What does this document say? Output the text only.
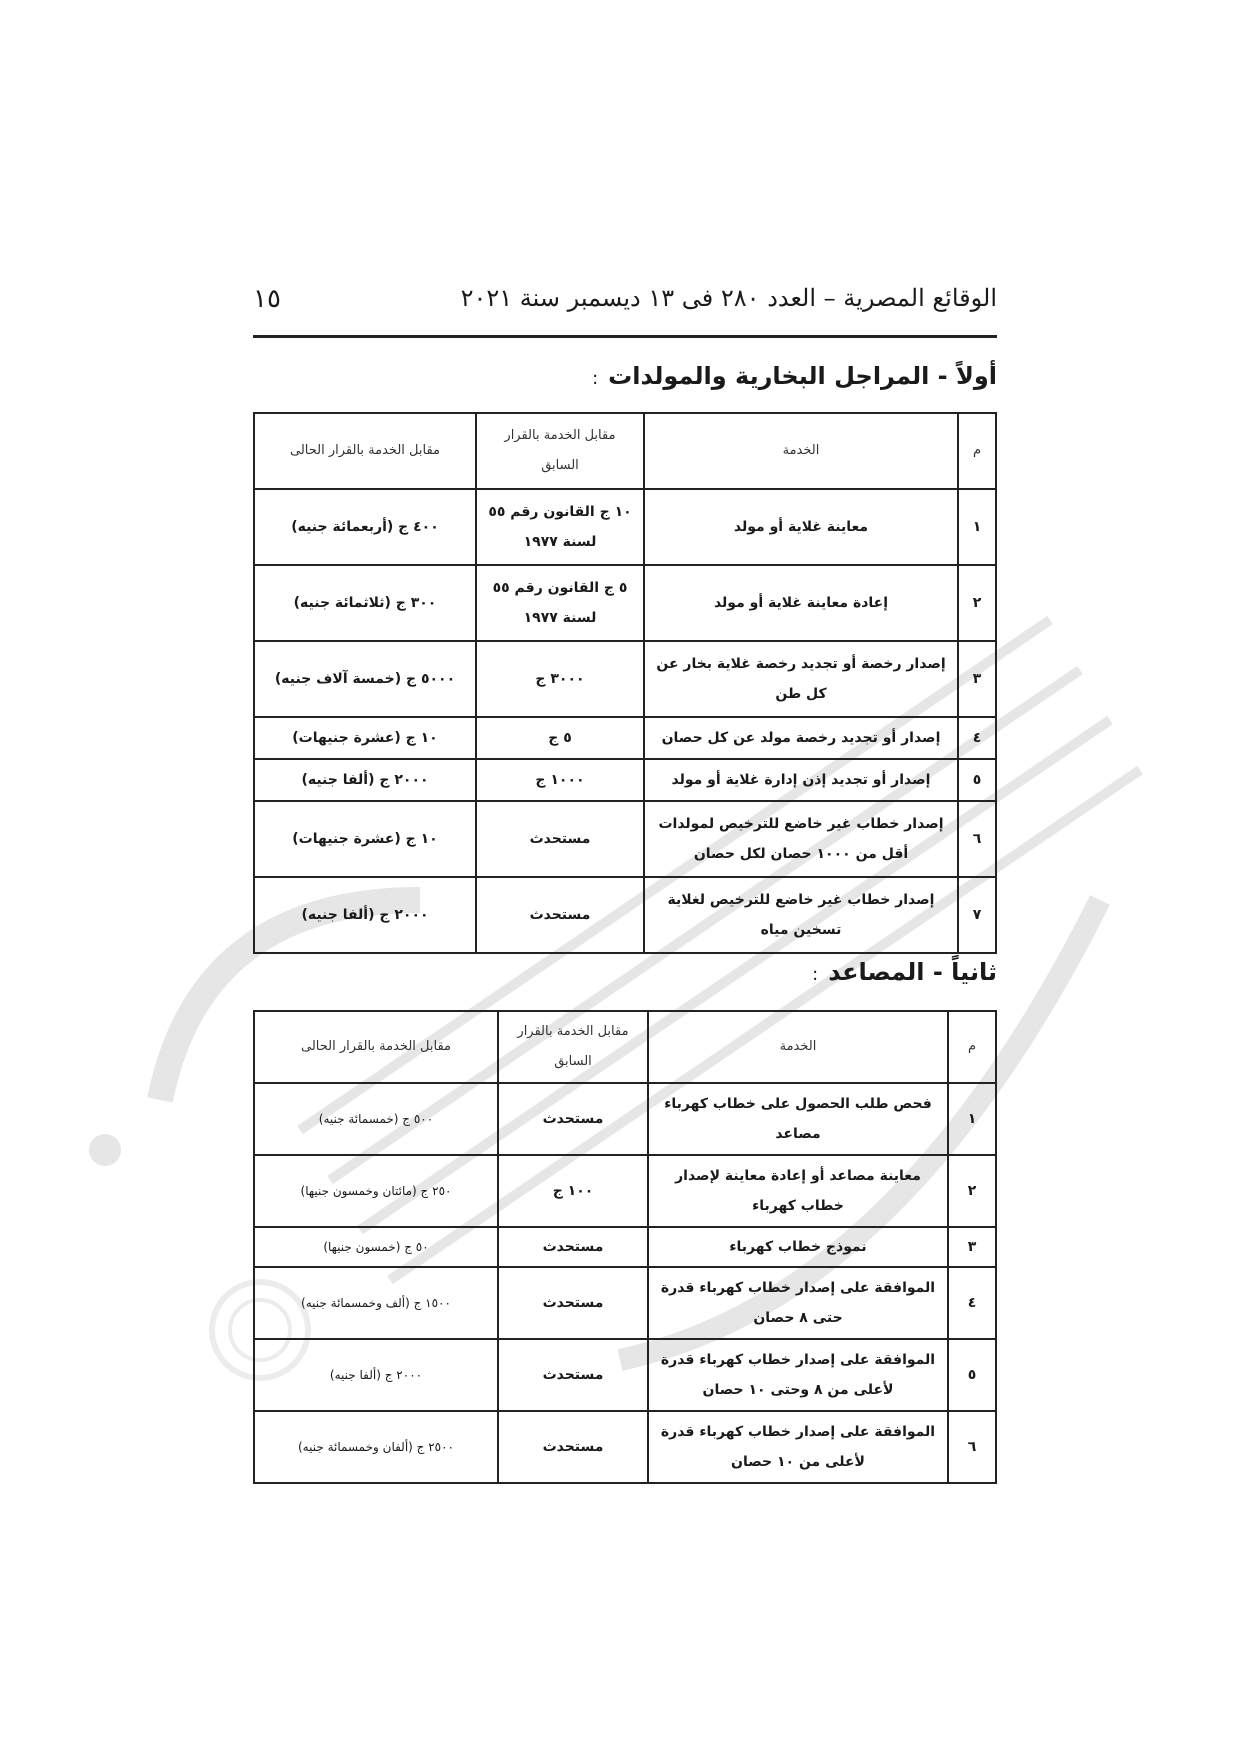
الوقائع المصرية – العدد ٢٨٠ فى ١٣ ديسمبر سنة ٢٠٢١
١٥
أولاً - المراجل البخارية والمولدات:
م	الخدمة	مقابل الخدمة بالقرار السابق	مقابل الخدمة بالقرار الحالى
١	معاينة غلاية أو مولد	١٠ ج القانون رقم ٥٥ لسنة ١٩٧٧	٤٠٠ ج (أربعمائة جنيه)
٢	إعادة معاينة غلاية أو مولد	٥ ج القانون رقم ٥٥ لسنة ١٩٧٧	٣٠٠ ج (ثلاثمائة جنيه)
٣	إصدار رخصة أو تجديد رخصة غلاية بخار عن كل طن	٣٠٠٠ ج	٥٠٠٠ ج (خمسة آلاف جنيه)
٤	إصدار أو تجديد رخصة مولد عن كل حصان	٥ ج	١٠ ج (عشرة جنيهات)
٥	إصدار أو تجديد إذن إدارة غلاية أو مولد	١٠٠٠ ج	٢٠٠٠ ج (ألفا جنيه)
٦	إصدار خطاب غير خاضع للترخيص لمولدات أقل من ١٠٠٠ حصان لكل حصان	مستحدث	١٠ ج (عشرة جنيهات)
٧	إصدار خطاب غير خاضع للترخيص لغلاية تسخين مياه	مستحدث	٢٠٠٠ ج (ألفا جنيه)
ثانياً - المصاعد:
م	الخدمة	مقابل الخدمة بالقرار السابق	مقابل الخدمة بالقرار الحالى
١	فحص طلب الحصول على خطاب كهرباء مصاعد	مستحدث	٥٠٠ ج (خمسمائة جنيه)
٢	معاينة مصاعد أو إعادة معاينة لإصدار خطاب كهرباء	١٠٠ ج	٢٥٠ ج (مائتان وخمسون جنيها)
٣	نموذج خطاب كهرباء	مستحدث	٥٠ ج (خمسون جنيها)
٤	الموافقة على إصدار خطاب كهرباء قدرة حتى ٨ حصان	مستحدث	١٥٠٠ ج (ألف وخمسمائة جنيه)
٥	الموافقة على إصدار خطاب كهرباء قدرة لأعلى من ٨ وحتى ١٠ حصان	مستحدث	٢٠٠٠ ج (ألفا جنيه)
٦	الموافقة على إصدار خطاب كهرباء قدرة لأعلى من ١٠ حصان	مستحدث	٢٥٠٠ ج (ألفان وخمسمائة جنيه)
